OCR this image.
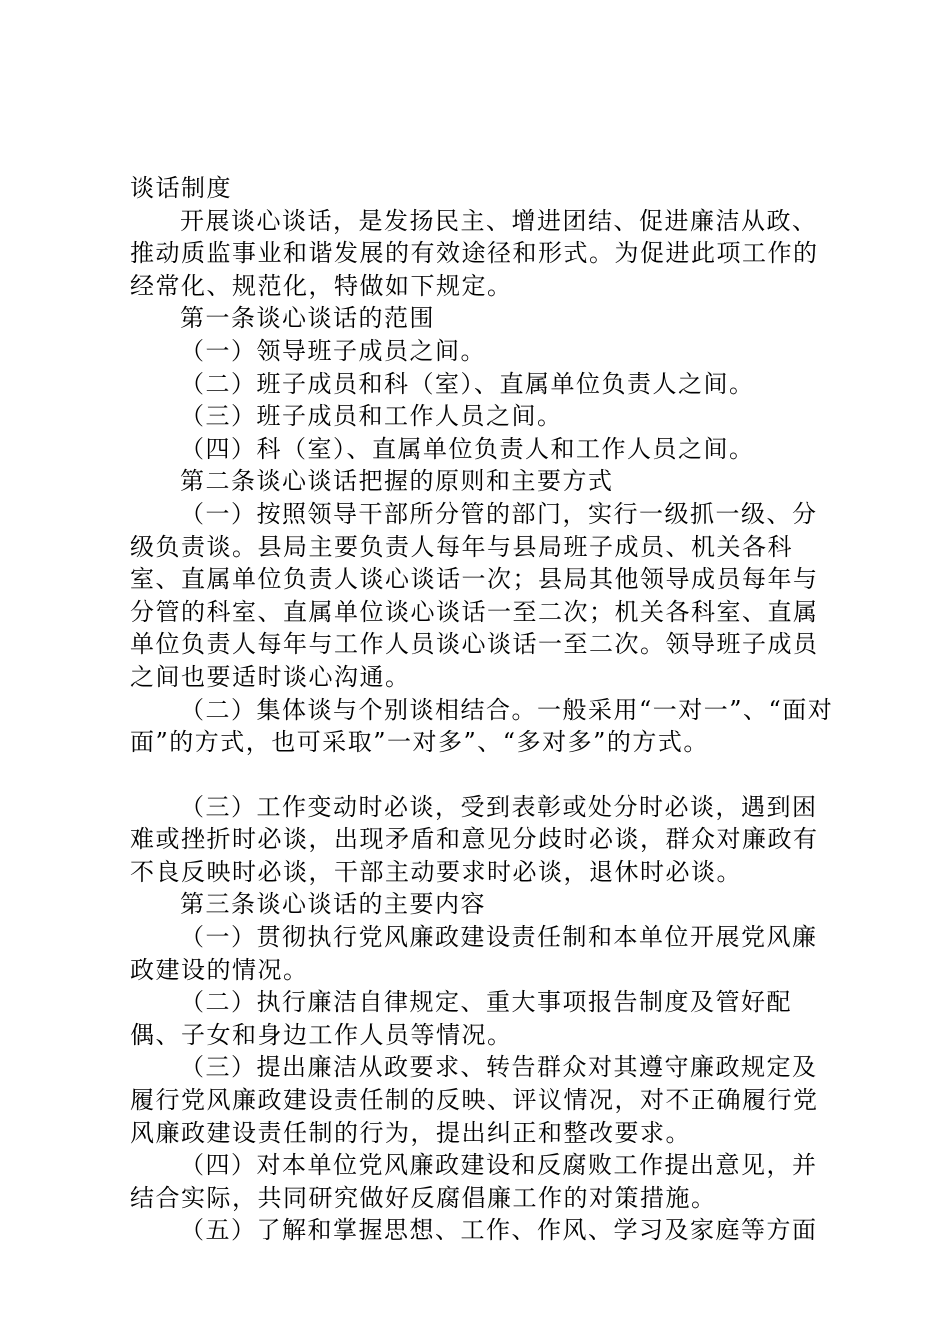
谈话制度

开展谈心谈话，是发扬民主、增进团结、促进廉洁从政、推动质监事业和谐发展的有效途径和形式。为促进此项工作的经常化、规范化，特做如下规定。

第一条谈心谈话的范围

（一）领导班子成员之间。

（二）班子成员和科（室）、直属单位负责人之间。

（三）班子成员和工作人员之间。

（四）科（室）、直属单位负责人和工作人员之间。

第二条谈心谈话把握的原则和主要方式

（一）按照领导干部所分管的部门，实行一级抓一级、分级负责谈。县局主要负责人每年与县局班子成员、机关各科室、直属单位负责人谈心谈话一次；县局其他领导成员每年与分管的科室、直属单位谈心谈话一至二次；机关各科室、直属单位负责人每年与工作人员谈心谈话一至二次。领导班子成员之间也要适时谈心沟通。

（二）集体谈与个别谈相结合。一般采用“一对一”、“面对面”的方式，也可采取”一对多”、“多对多”的方式。

（三）工作变动时必谈，受到表彰或处分时必谈，遇到困难或挫折时必谈，出现矛盾和意见分歧时必谈，群众对廉政有不良反映时必谈，干部主动要求时必谈，退休时必谈。

第三条谈心谈话的主要内容

（一）贯彻执行党风廉政建设责任制和本单位开展党风廉政建设的情况。

（二）执行廉洁自律规定、重大事项报告制度及管好配偶、子女和身边工作人员等情况。

（三）提出廉洁从政要求、转告群众对其遵守廉政规定及履行党风廉政建设责任制的反映、评议情况，对不正确履行党风廉政建设责任制的行为，提出纠正和整改要求。

（四）对本单位党风廉政建设和反腐败工作提出意见，并结合实际，共同研究做好反腐倡廉工作的对策措施。

（五）了解和掌握思想、工作、作风、学习及家庭等方面
